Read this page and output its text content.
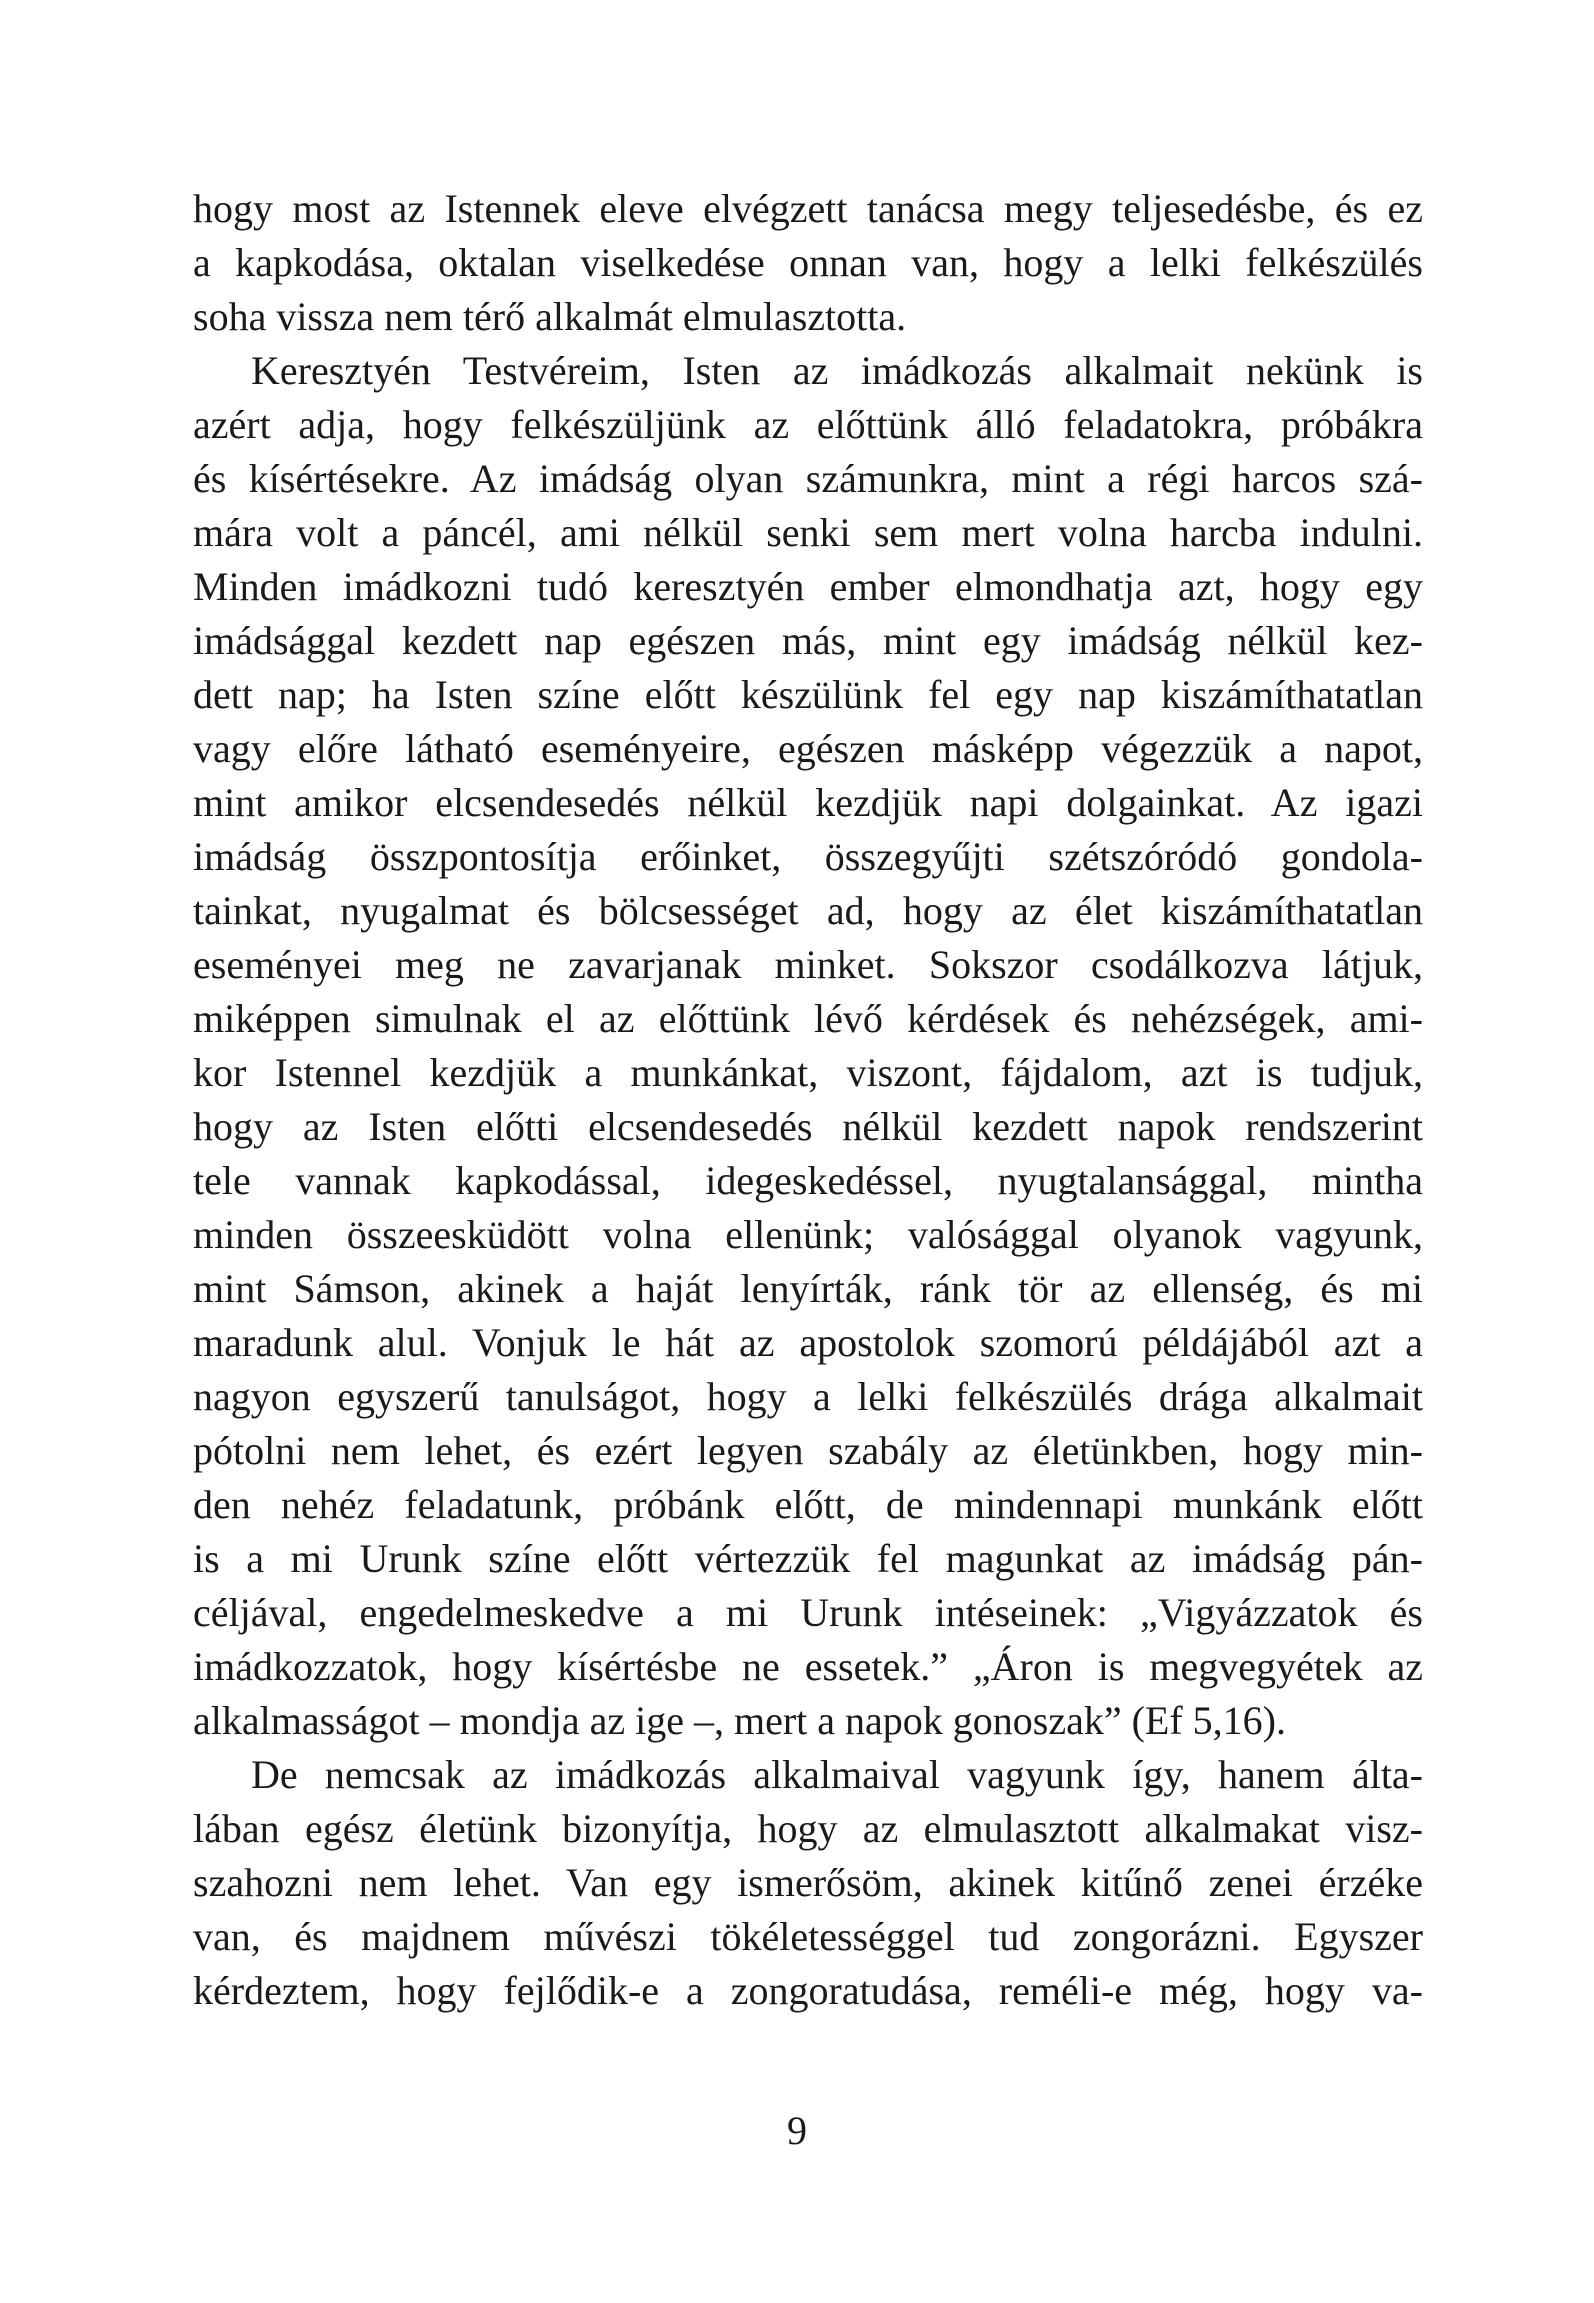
hogy most az Istennek eleve elvégzett tanácsa megy teljesedésbe, és ez
a kapkodása, oktalan viselkedése onnan van, hogy a lelki felkészülés
soha vissza nem térő alkalmát elmulasztotta.
Keresztyén Testvéreim, Isten az imádkozás alkalmait nekünk is
azért adja, hogy felkészüljünk az előttünk álló feladatokra, próbákra
és kísértésekre. Az imádság olyan számunkra, mint a régi harcos szá-
mára volt a páncél, ami nélkül senki sem mert volna harcba indulni.
Minden imádkozni tudó keresztyén ember elmondhatja azt, hogy egy
imádsággal kezdett nap egészen más, mint egy imádság nélkül kez-
dett nap; ha Isten színe előtt készülünk fel egy nap kiszámíthatatlan
vagy előre látható eseményeire, egészen másképp végezzük a napot,
mint amikor elcsendesedés nélkül kezdjük napi dolgainkat. Az igazi
imádság összpontosítja erőinket, összegyűjti szétszóródó gondola-
tainkat, nyugalmat és bölcsességet ad, hogy az élet kiszámíthatatlan
eseményei meg ne zavarjanak minket. Sokszor csodálkozva látjuk,
miképpen simulnak el az előttünk lévő kérdések és nehézségek, ami-
kor Istennel kezdjük a munkánkat, viszont, fájdalom, azt is tudjuk,
hogy az Isten előtti elcsendesedés nélkül kezdett napok rendszerint
tele vannak kapkodással, idegeskedéssel, nyugtalansággal, mintha
minden összeesküdött volna ellenünk; valósággal olyanok vagyunk,
mint Sámson, akinek a haját lenyírták, ránk tör az ellenség, és mi
maradunk alul. Vonjuk le hát az apostolok szomorú példájából azt a
nagyon egyszerű tanulságot, hogy a lelki felkészülés drága alkalmait
pótolni nem lehet, és ezért legyen szabály az életünkben, hogy min-
den nehéz feladatunk, próbánk előtt, de mindennapi munkánk előtt
is a mi Urunk színe előtt vértezzük fel magunkat az imádság pán-
céljával, engedelmeskedve a mi Urunk intéseinek: „Vigyázzatok és
imádkozzatok, hogy kísértésbe ne essetek.” „Áron is megvegyétek az
alkalmasságot – mondja az ige –, mert a napok gonoszak” (Ef 5,16).
De nemcsak az imádkozás alkalmaival vagyunk így, hanem álta-
lában egész életünk bizonyítja, hogy az elmulasztott alkalmakat visz-
szahozni nem lehet. Van egy ismerősöm, akinek kitűnő zenei érzéke
van, és majdnem művészi tökéletességgel tud zongorázni. Egyszer
kérdeztem, hogy fejlődik-e a zongoratudása, reméli-e még, hogy va-
9
